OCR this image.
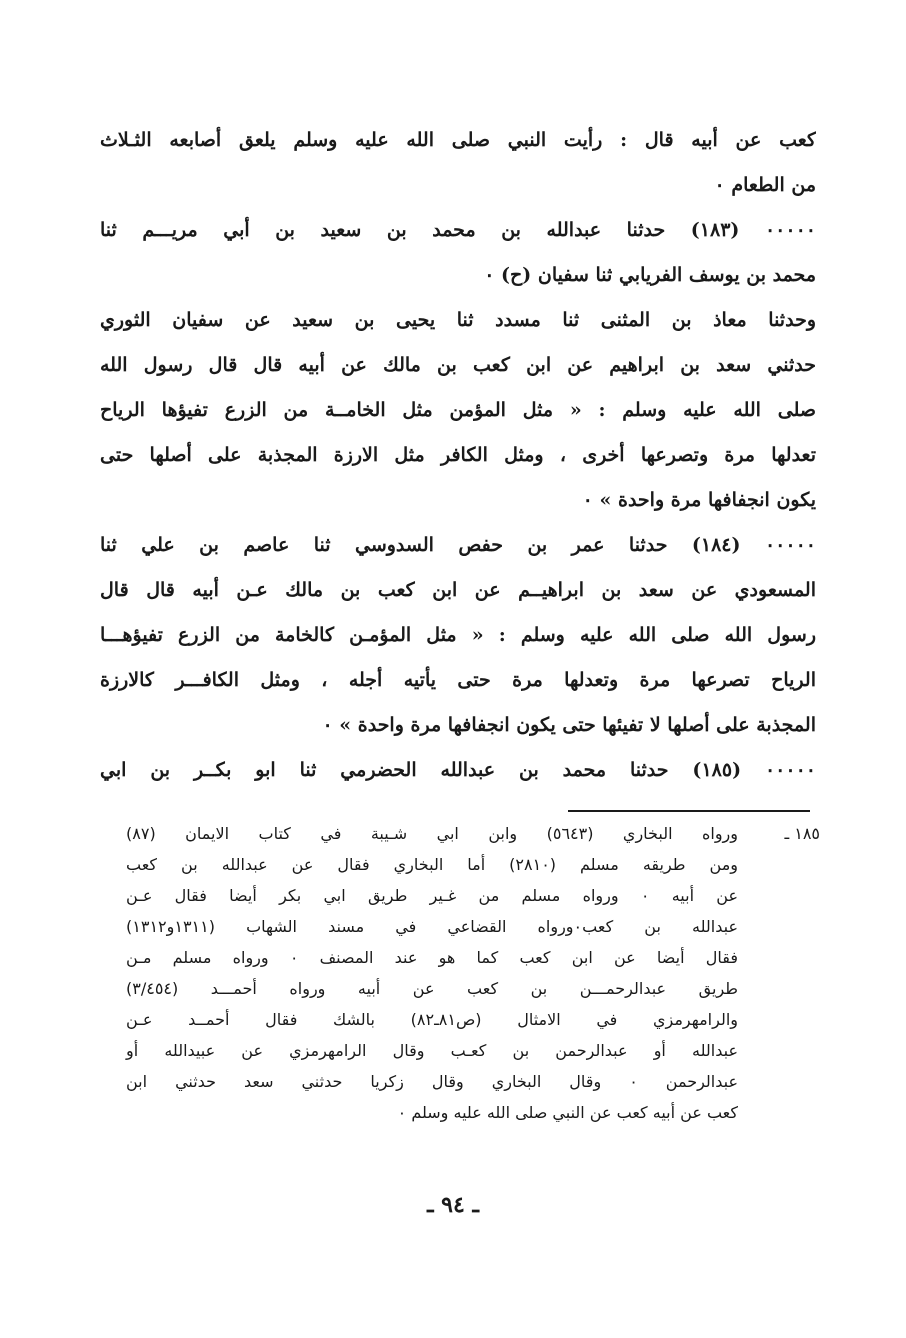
كعب عن أبيه قال : رأيت النبي صلى الله عليه وسلم يلعق أصابعه الثـلاث
من الطعام ٠
٠٠٠٠٠ (١٨٣) حدثنا عبدالله بن محمد بن سعيد بن أبي مريـــم ثنا
محمد بن يوسف الفريابي ثنا سفيان (ح) ٠
وحدثنا معاذ بن المثنى ثنا مسدد ثنا يحيى بن سعيد عن سفيان الثوري
حدثني سعد بن ابراهيم عن ابن كعب بن مالك عن أبيه قال قال رسول الله
صلى الله عليه وسلم : « مثل المؤمن مثل الخامــة من الزرع تفيؤها الرياح
تعدلها مرة وتصرعها أخرى ، ومثل الكافر مثل الارزة المجذبة على أصلها حتى
يكون انجفافها مرة واحدة » ٠
٠٠٠٠٠ (١٨٤) حدثنا عمر بن حفص السدوسي ثنا عاصم بن علي ثنا
المسعودي عن سعد بن ابراهيــم عن ابن كعب بن مالك عـن أبيه قال قال
رسول الله صلى الله عليه وسلم : « مثل المؤمـن كالخامة من الزرع تفيؤهـــا
الرياح تصرعها مرة وتعدلها مرة حتى يأتيه أجله ، ومثل الكافـــر كالارزة
المجذبة على أصلها لا تفيئها حتى يكون انجفافها مرة واحدة » ٠
٠٠٠٠٠ (١٨٥) حدثنا محمد بن عبدالله الحضرمي ثنا ابو بكــر بن ابي
١٨٥ ـورواه البخاري (٥٦٤٣) وابن ابي شـيبة في كتاب الايمان (٨٧)
ومن طريقه مسلم (٢٨١٠) أما البخاري فقال عن عبدالله بن كعب
عن أبيه ٠ ورواه مسلم من غـير طريق ابي بكر أيضا فقال عـن
عبدالله بن كعب٠ورواه القضاعي في مسند الشهاب (١٣١١و١٣١٢)
فقال أيضا عن ابن كعب كما هو عند المصنف ٠ ورواه مسلم مـن
طريق عبدالرحمـــن بن كعب عن أبيه ورواه أحمـــد (٣/٤٥٤)
والرامهرمزي في الامثال (ص٨١ـ٨٢) بالشك فقال أحمــد عـن
عبدالله أو عبدالرحمن بن كعـب وقال الرامهرمزي عن عبيدالله أو
عبدالرحمن ٠ وقال البخاري وقال زكريا حدثني سعد حدثني ابن
كعب عن أبيه كعب عن النبي صلى الله عليه وسلم ٠
ـ ٩٤ ـ
